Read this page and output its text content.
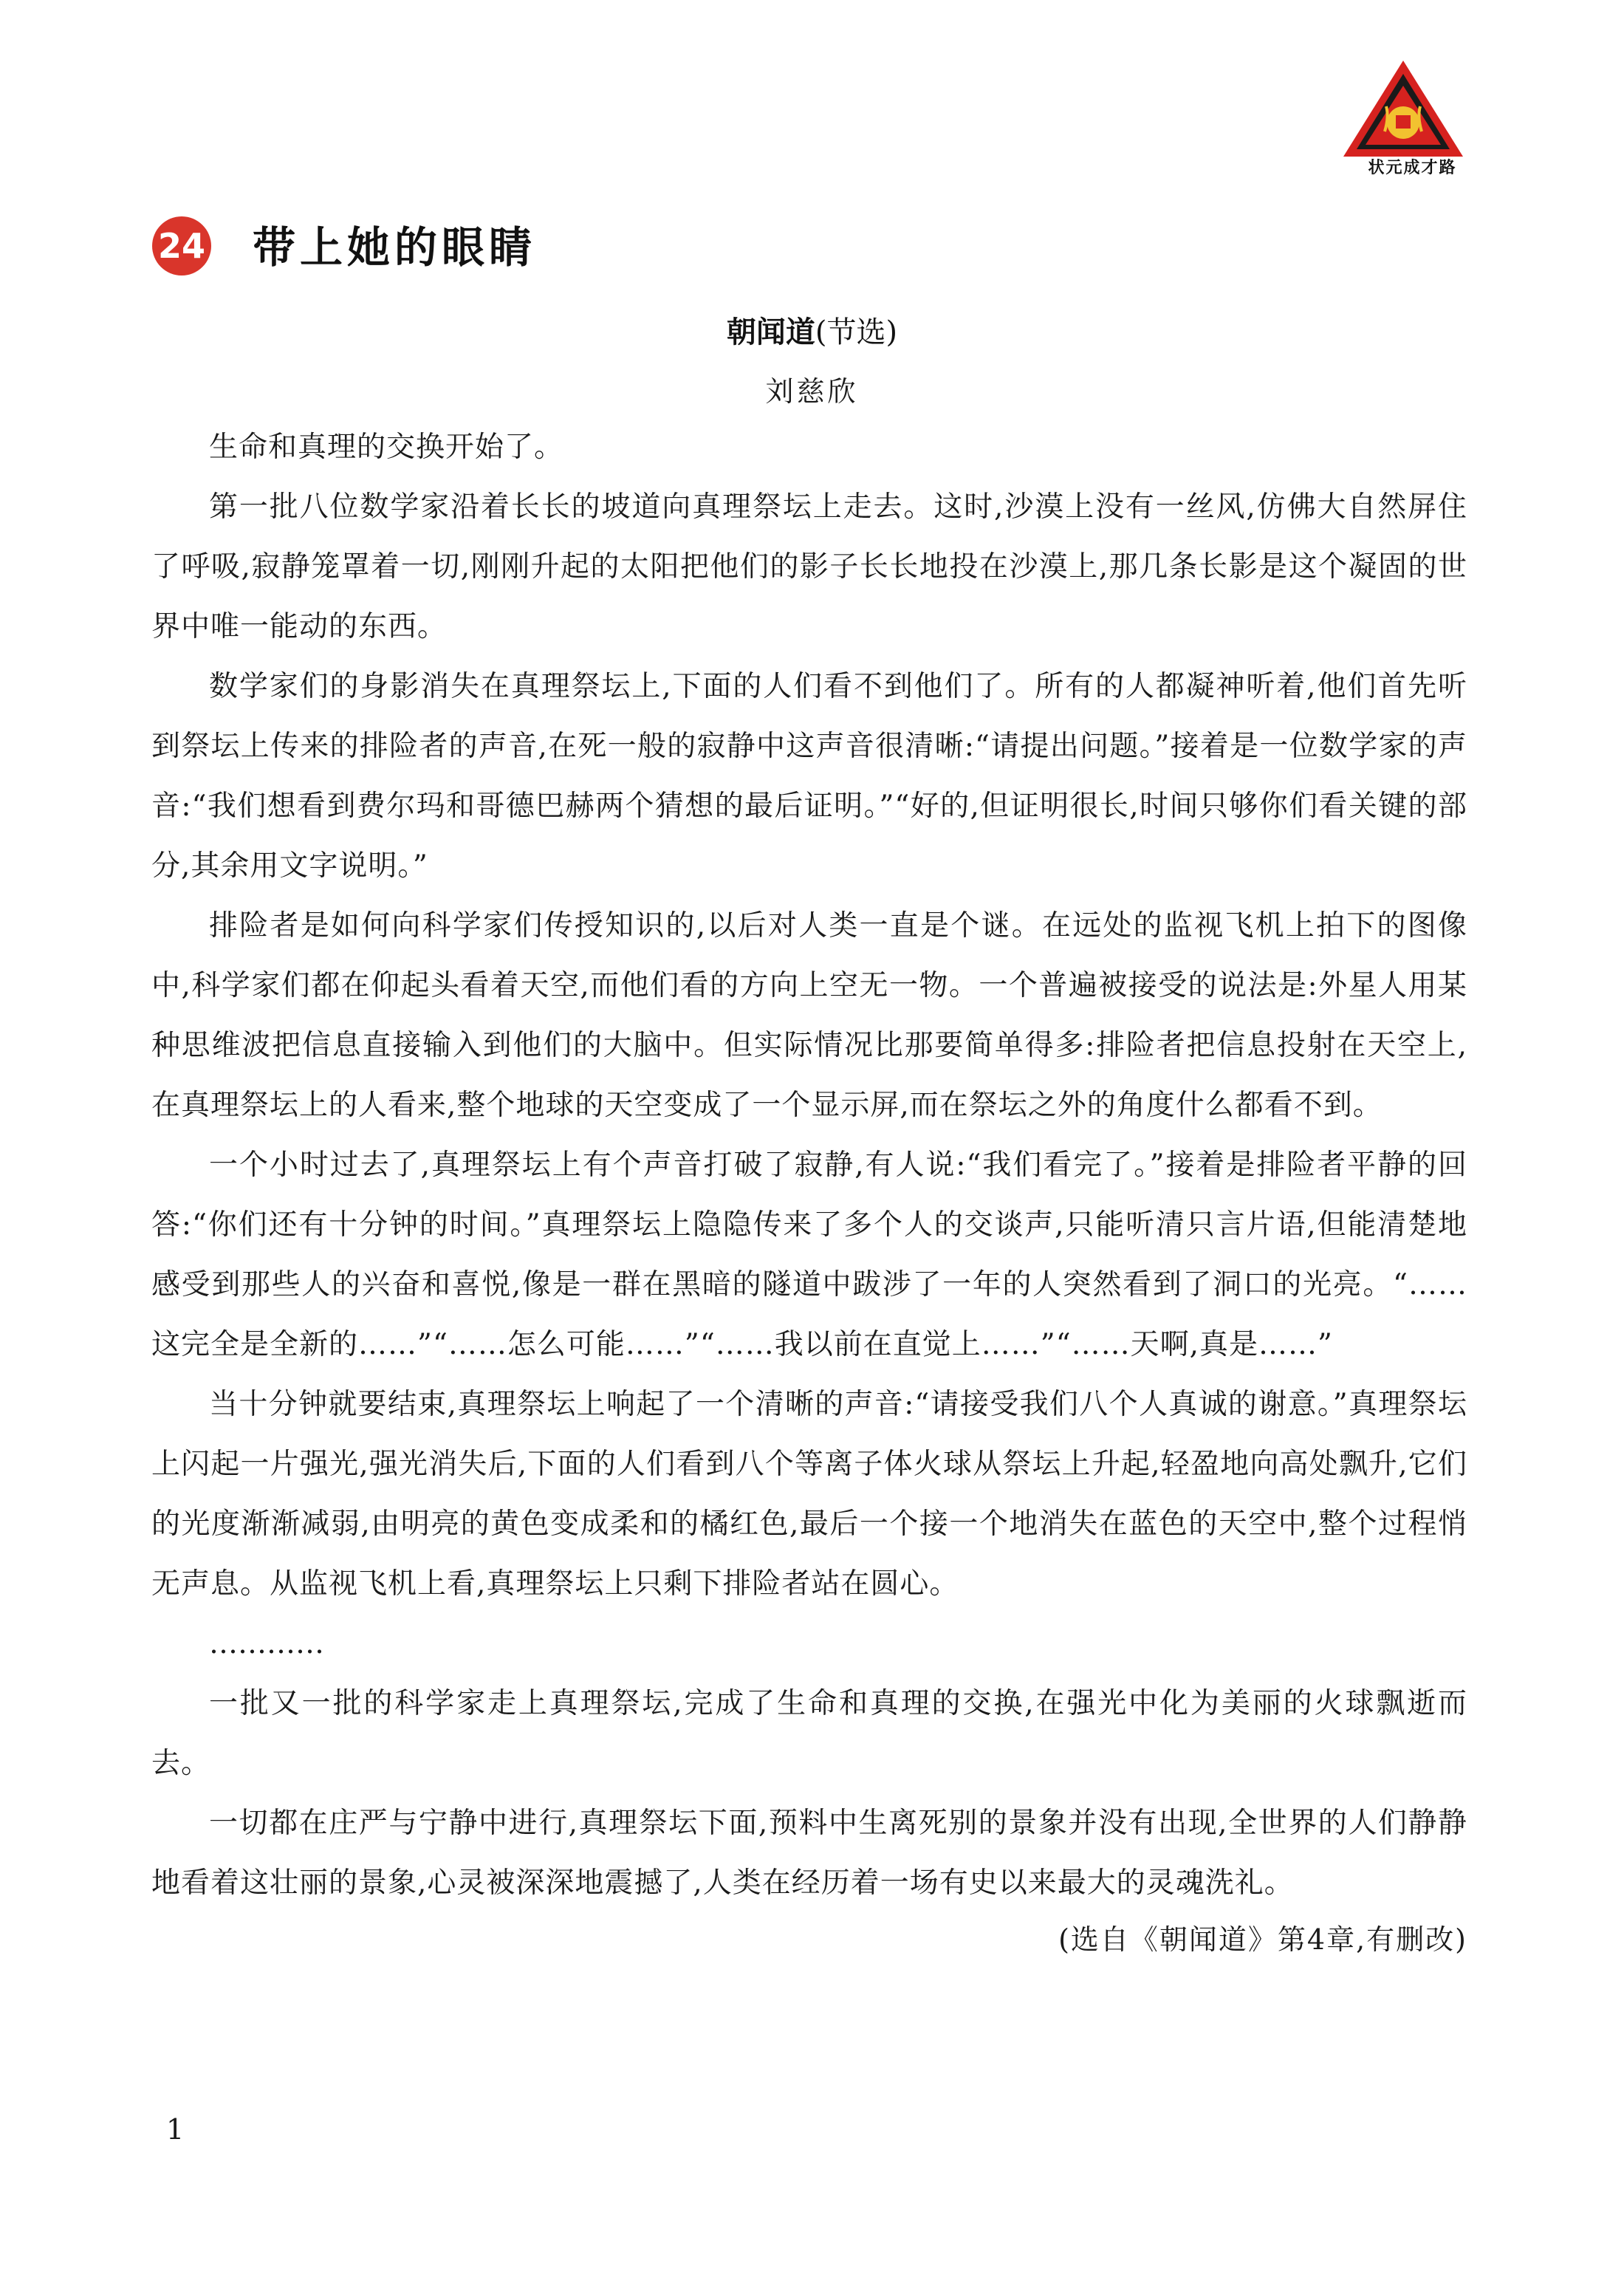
状元成才路
24 带上她的眼睛
朝闻道(节选)
刘慈欣

生命和真理的交换开始了。

第一批八位数学家沿着长长的坡道向真理祭坛上走去。这时,沙漠上没有一丝风,仿佛大自然屏住了呼吸,寂静笼罩着一切,刚刚升起的太阳把他们的影子长长地投在沙漠上,那几条长影是这个凝固的世界中唯一能动的东西。

数学家们的身影消失在真理祭坛上,下面的人们看不到他们了。所有的人都凝神听着,他们首先听到祭坛上传来的排险者的声音,在死一般的寂静中这声音很清晰:“请提出问题。”接着是一位数学家的声音:“我们想看到费尔玛和哥德巴赫两个猜想的最后证明。”“好的,但证明很长,时间只够你们看关键的部分,其余用文字说明。”

排险者是如何向科学家们传授知识的,以后对人类一直是个谜。在远处的监视飞机上拍下的图像中,科学家们都在仰起头看着天空,而他们看的方向上空无一物。一个普遍被接受的说法是:外星人用某种思维波把信息直接输入到他们的大脑中。但实际情况比那要简单得多:排险者把信息投射在天空上,在真理祭坛上的人看来,整个地球的天空变成了一个显示屏,而在祭坛之外的角度什么都看不到。

一个小时过去了,真理祭坛上有个声音打破了寂静,有人说:“我们看完了。”接着是排险者平静的回答:“你们还有十分钟的时间。”真理祭坛上隐隐传来了多个人的交谈声,只能听清只言片语,但能清楚地感受到那些人的兴奋和喜悦,像是一群在黑暗的隧道中跋涉了一年的人突然看到了洞口的光亮。“……这完全是全新的……”“……怎么可能……”“……我以前在直觉上……”“……天啊,真是……”

当十分钟就要结束,真理祭坛上响起了一个清晰的声音:“请接受我们八个人真诚的谢意。”真理祭坛上闪起一片强光,强光消失后,下面的人们看到八个等离子体火球从祭坛上升起,轻盈地向高处飘升,它们的光度渐渐减弱,由明亮的黄色变成柔和的橘红色,最后一个接一个地消失在蓝色的天空中,整个过程悄无声息。从监视飞机上看,真理祭坛上只剩下排险者站在圆心。

…………

一批又一批的科学家走上真理祭坛,完成了生命和真理的交换,在强光中化为美丽的火球飘逝而去。

一切都在庄严与宁静中进行,真理祭坛下面,预料中生离死别的景象并没有出现,全世界的人们静静地看着这壮丽的景象,心灵被深深地震撼了,人类在经历着一场有史以来最大的灵魂洗礼。

(选自《朝闻道》第4章,有删改)
1
